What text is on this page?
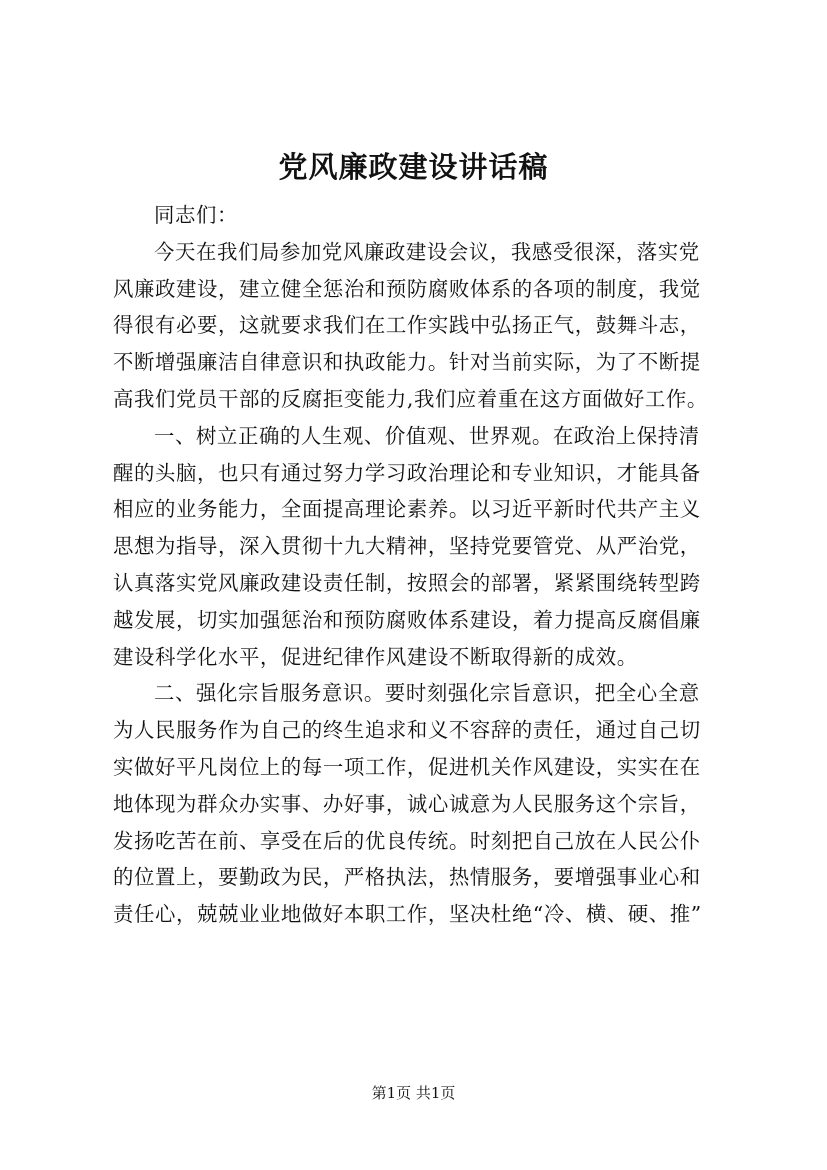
党风廉政建设讲话稿
同志们：
今天在我们局参加党风廉政建设会议，我感受很深，落实党
风廉政建设，建立健全惩治和预防腐败体系的各项的制度，我觉
得很有必要，这就要求我们在工作实践中弘扬正气，鼓舞斗志，
不断增强廉洁自律意识和执政能力。针对当前实际，为了不断提
高我们党员干部的反腐拒变能力,我们应着重在这方面做好工作。
一、树立正确的人生观、价值观、世界观。在政治上保持清
醒的头脑，也只有通过努力学习政治理论和专业知识，才能具备
相应的业务能力，全面提高理论素养。以习近平新时代共产主义
思想为指导，深入贯彻十九大精神，坚持党要管党、从严治党，
认真落实党风廉政建设责任制，按照会的部署，紧紧围绕转型跨
越发展，切实加强惩治和预防腐败体系建设，着力提高反腐倡廉
建设科学化水平，促进纪律作风建设不断取得新的成效。
二、强化宗旨服务意识。要时刻强化宗旨意识，把全心全意
为人民服务作为自己的终生追求和义不容辞的责任，通过自己切
实做好平凡岗位上的每一项工作，促进机关作风建设，实实在在
地体现为群众办实事、办好事，诚心诚意为人民服务这个宗旨，
发扬吃苦在前、享受在后的优良传统。时刻把自己放在人民公仆
的位置上，要勤政为民，严格执法，热情服务，要增强事业心和
责任心，兢兢业业地做好本职工作，坚决杜绝“冷、横、硬、推”
第1页 共1页
